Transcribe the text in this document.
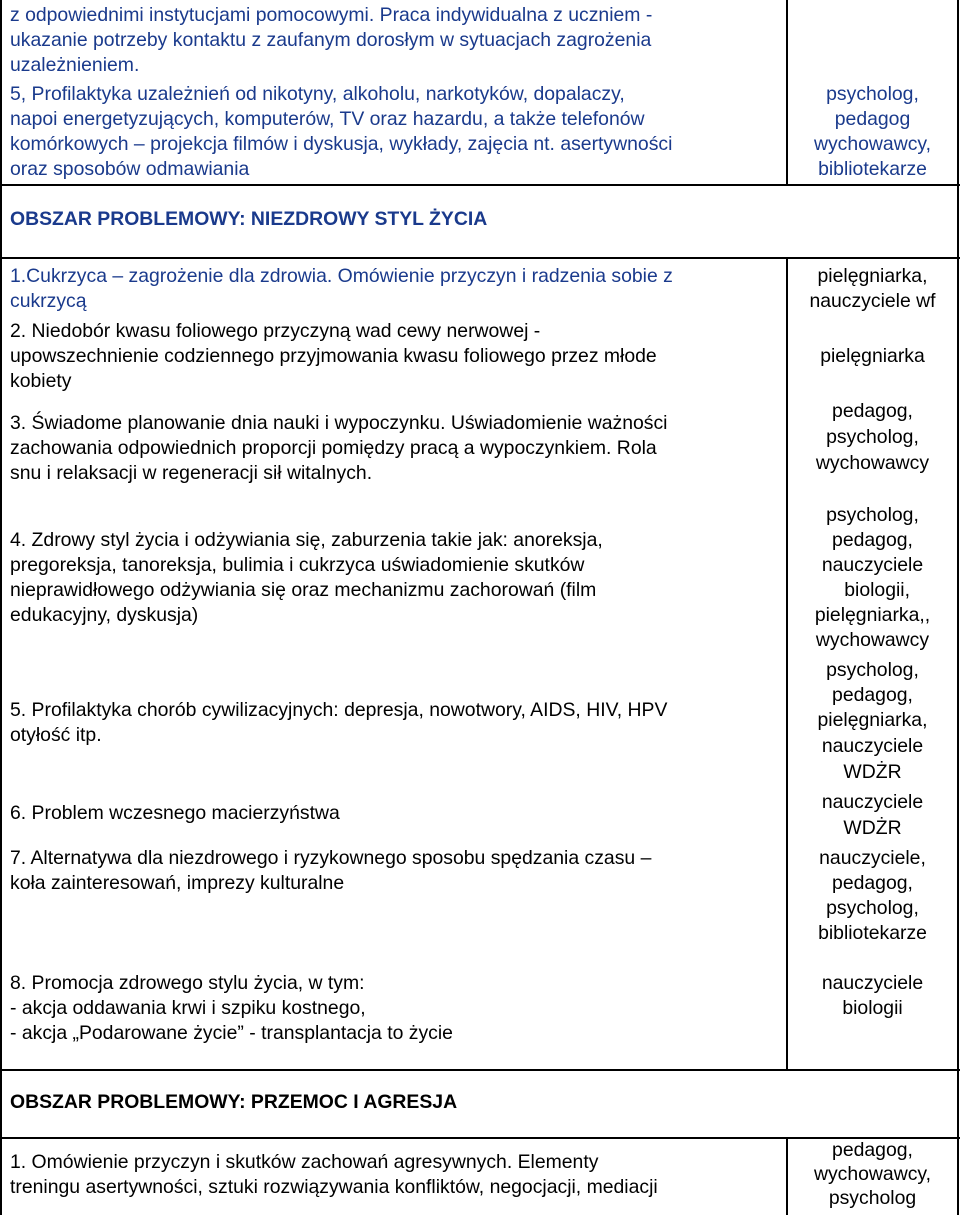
z odpowiednimi instytucjami pomocowymi. Praca indywidualna z uczniem -
ukazanie potrzeby kontaktu z zaufanym dorosłym w sytuacjach zagrożenia
uzależnieniem.
5, Profilaktyka uzależnień od nikotyny, alkoholu, narkotyków, dopalaczy,
napoi energetyzujących, komputerów, TV oraz hazardu, a także telefonów
komórkowych – projekcja filmów i dyskusja, wykłady, zajęcia nt. asertywności
oraz sposobów odmawiania
psycholog,
pedagog
wychowawcy,
bibliotekarze
OBSZAR PROBLEMOWY: NIEZDROWY STYL ŻYCIA
1.Cukrzyca – zagrożenie dla zdrowia. Omówienie przyczyn i radzenia sobie z
cukrzycą
pielęgniarka,
nauczyciele wf
2. Niedobór kwasu foliowego przyczyną wad cewy nerwowej -
upowszechnienie codziennego przyjmowania kwasu foliowego przez młode
kobiety
pielęgniarka
3. Świadome planowanie dnia nauki i wypoczynku. Uświadomienie ważności
zachowania odpowiednich proporcji pomiędzy pracą a wypoczynkiem. Rola
snu i relaksacji w regeneracji sił witalnych.
pedagog,
psycholog,
wychowawcy
4. Zdrowy styl życia i odżywiania się, zaburzenia takie jak: anoreksja,
pregoreksja, tanoreksja, bulimia i cukrzyca uświadomienie skutków
nieprawidłowego odżywiania się oraz mechanizmu zachorowań (film
edukacyjny, dyskusja)
psycholog,
pedagog,
nauczyciele
biologii,
pielęgniarka,,
wychowawcy
5. Profilaktyka chorób cywilizacyjnych: depresja, nowotwory, AIDS, HIV, HPV
otyłość itp.
psycholog,
pedagog,
pielęgniarka,
nauczyciele
WDŻR
6. Problem wczesnego macierzyństwa	nauczyciele
WDŻR
7. Alternatywa dla niezdrowego i ryzykownego sposobu spędzania czasu –
koła zainteresowań, imprezy kulturalne
nauczyciele,
pedagog,
psycholog,
bibliotekarze
8. Promocja zdrowego stylu życia, w tym:
- akcja oddawania krwi i szpiku kostnego,
- akcja „Podarowane życie” - transplantacja to życie
nauczyciele
biologii
OBSZAR PROBLEMOWY: PRZEMOC I AGRESJA
1. Omówienie przyczyn i skutków zachowań agresywnych. Elementy
treningu asertywności, sztuki rozwiązywania konfliktów, negocjacji, mediacji
pedagog,
wychowawcy,
psycholog
